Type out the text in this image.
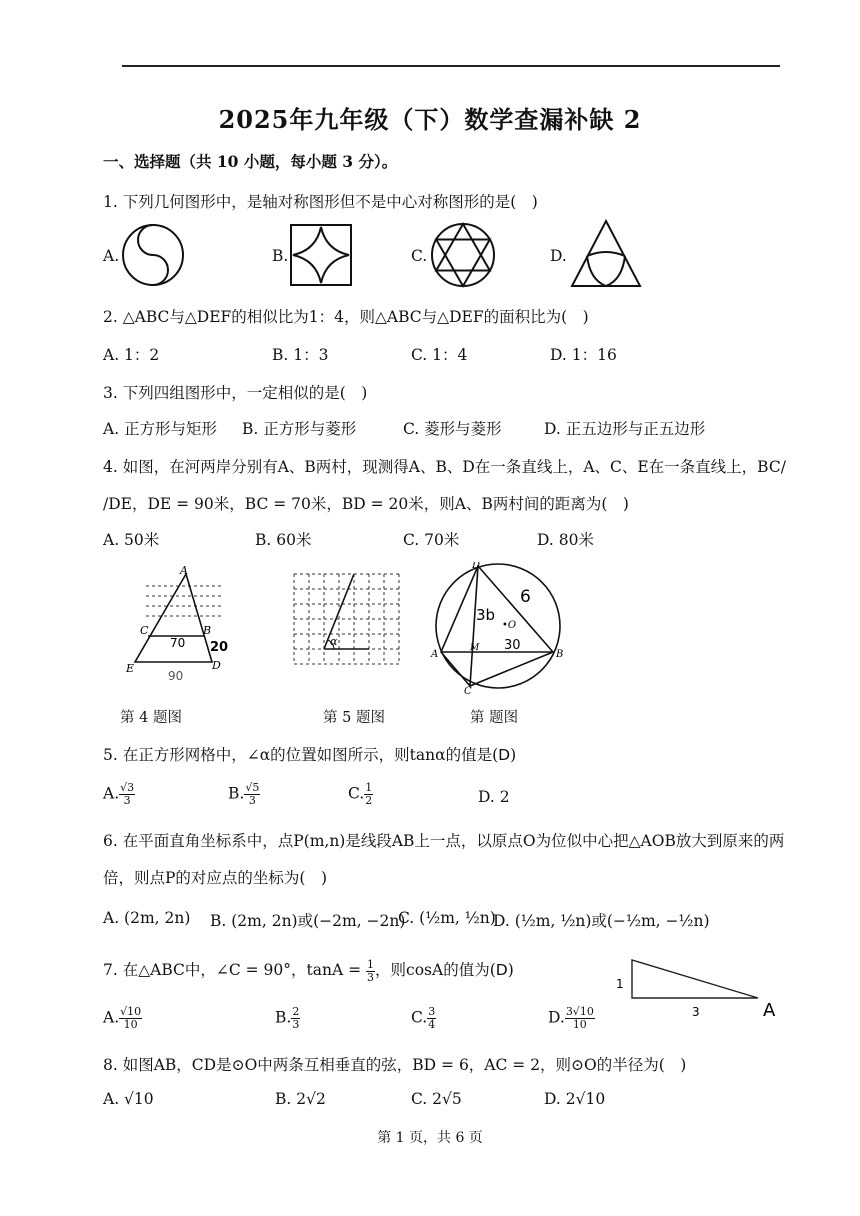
2025年九年级（下）数学查漏补缺 2
一、选择题（共 10 小题，每小题 3 分）。
1. 下列几何图形中，是轴对称图形但不是中心对称图形的是(　)
A.	B.	C.	D.
2. △ABC与△DEF的相似比为1：4，则△ABC与△DEF的面积比为(　)
A. 1：2	B. 1：3	C. 1：4	D. 1：16
3. 下列四组图形中，一定相似的是(　)
A. 正方形与矩形 B. 正方形与菱形	C. 菱形与菱形	D. 正五边形与正五边形
4. 如图，在河两岸分别有A、B两村，现测得A、B、D在一条直线上，A、C、E在一条直线上，BC/
/DE，DE = 90米，BC = 70米，BD = 20米，则A、B两村间的距离为(　)
A. 50米	B. 60米	C. 70米	D. 80米
A
C	B
E	D
70 20
90
第 4 题图
α
第 5 题图
D
A	B
C
•O
M
3b
6
30
第 题图
5. 在正方形网格中，∠α的位置如图所示，则tanα的值是(D)
A. $\frac{√3}{3}$	B. $\frac{√5}{3}$	C. $\frac{1}{2}$	D. 2
6. 在平面直角坐标系中，点P(m,n)是线段AB上一点，以原点O为位似中心把△AOB放大到原来的两
倍，则点P的对应点的坐标为(　)
A. (2m, 2n) B. (2m, 2n)或(−2m, −2n)
C. (½m, ½n)
D. (½m, ½n)或(−½m, −½n)
7. 在△ABC中，∠C = 90°，$\tan A = \frac{1}{3}$ ，则cosA的值为(D)
A. $\frac{√10}{10}$	B. $\frac{2}{3}$	C. $\frac{3}{4}$	D. $\frac{3√10}{10}$
1
3	A
8. 如图AB，CD是⊙O中两条互相垂直的弦，BD = 6，AC = 2，则⊙O的半径为(　)
A. √10	B. 2√2	C. 2√5	D. 2√10
第 1 页，共 6 页
